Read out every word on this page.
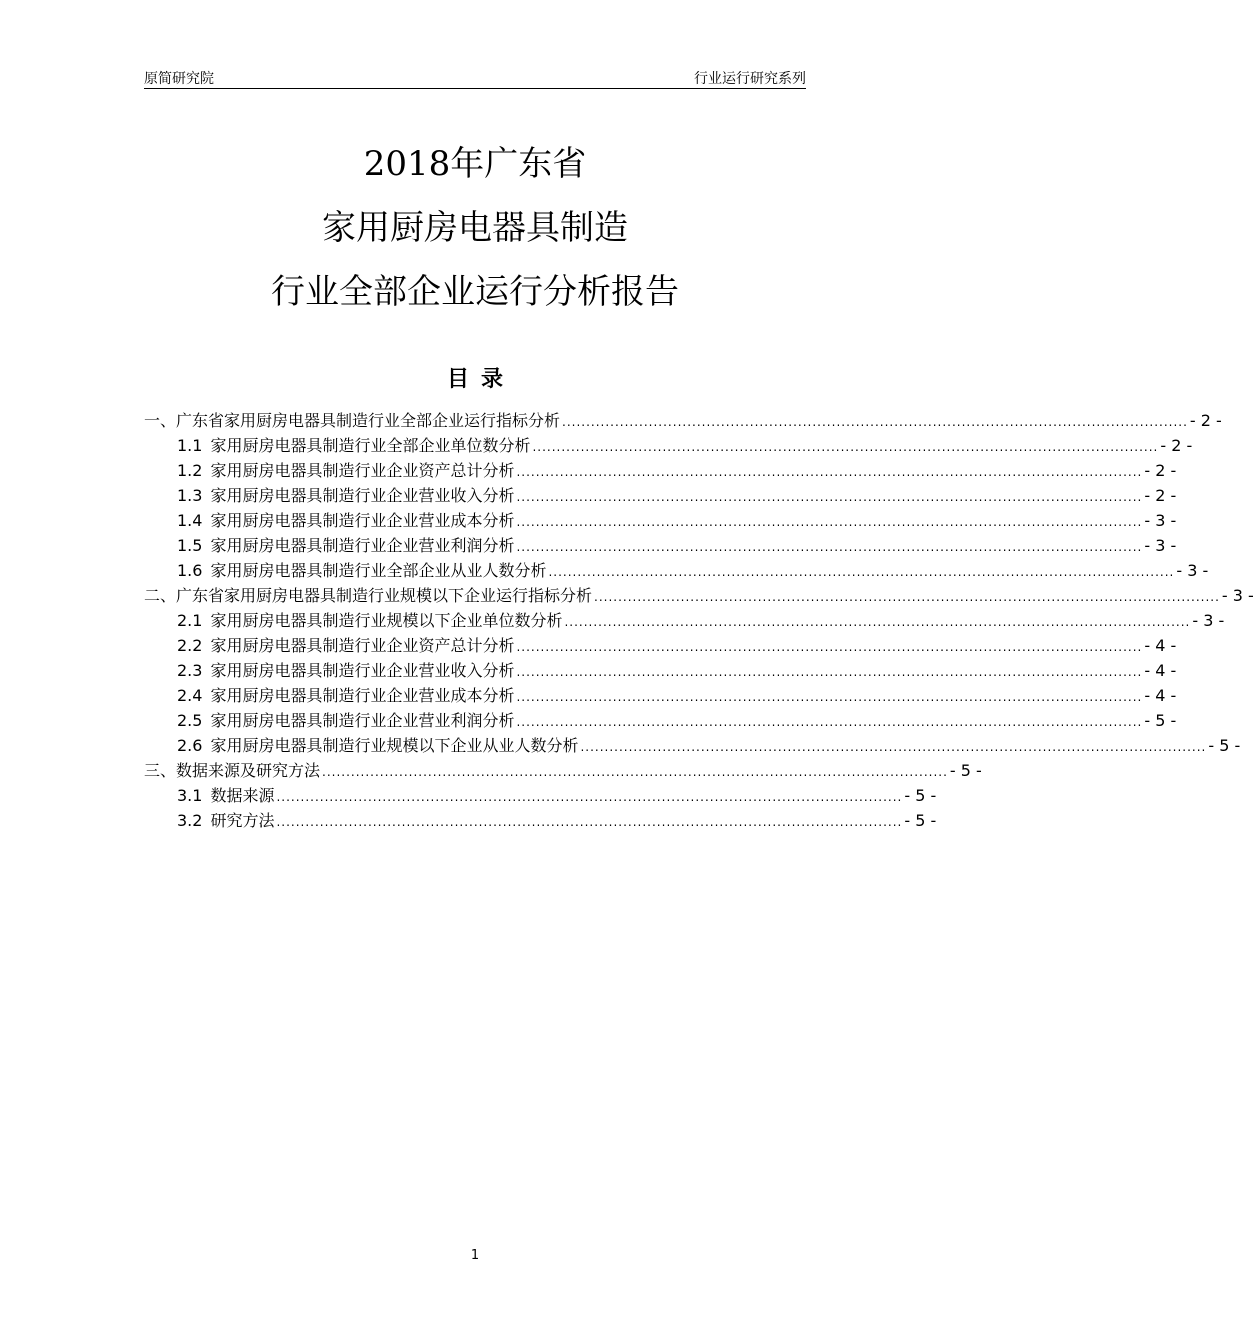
原简研究院	行业运行研究系列
2018年广东省
家用厨房电器具制造
行业全部企业运行分析报告
目录
一、广东省家用厨房电器具制造行业全部企业运行指标分析 .................................................................................................................................. - 2 -
1.1 家用厨房电器具制造行业全部企业单位数分析 .................................................................................................................................. - 2 -
1.2 家用厨房电器具制造行业企业资产总计分析 .................................................................................................................................. - 2 -
1.3 家用厨房电器具制造行业企业营业收入分析 .................................................................................................................................. - 2 -
1.4 家用厨房电器具制造行业企业营业成本分析 .................................................................................................................................. - 3 -
1.5 家用厨房电器具制造行业企业营业利润分析 .................................................................................................................................. - 3 -
1.6 家用厨房电器具制造行业全部企业从业人数分析 .................................................................................................................................. - 3 -
二、广东省家用厨房电器具制造行业规模以下企业运行指标分析 .................................................................................................................................. - 3 -
2.1 家用厨房电器具制造行业规模以下企业单位数分析 .................................................................................................................................. - 3 -
2.2 家用厨房电器具制造行业企业资产总计分析 .................................................................................................................................. - 4 -
2.3 家用厨房电器具制造行业企业营业收入分析 .................................................................................................................................. - 4 -
2.4 家用厨房电器具制造行业企业营业成本分析 .................................................................................................................................. - 4 -
2.5 家用厨房电器具制造行业企业营业利润分析 .................................................................................................................................. - 5 -
2.6 家用厨房电器具制造行业规模以下企业从业人数分析 .................................................................................................................................. - 5 -
三、数据来源及研究方法 .................................................................................................................................. - 5 -
3.1 数据来源 .................................................................................................................................. - 5 -
3.2 研究方法 .................................................................................................................................. - 5 -
1
